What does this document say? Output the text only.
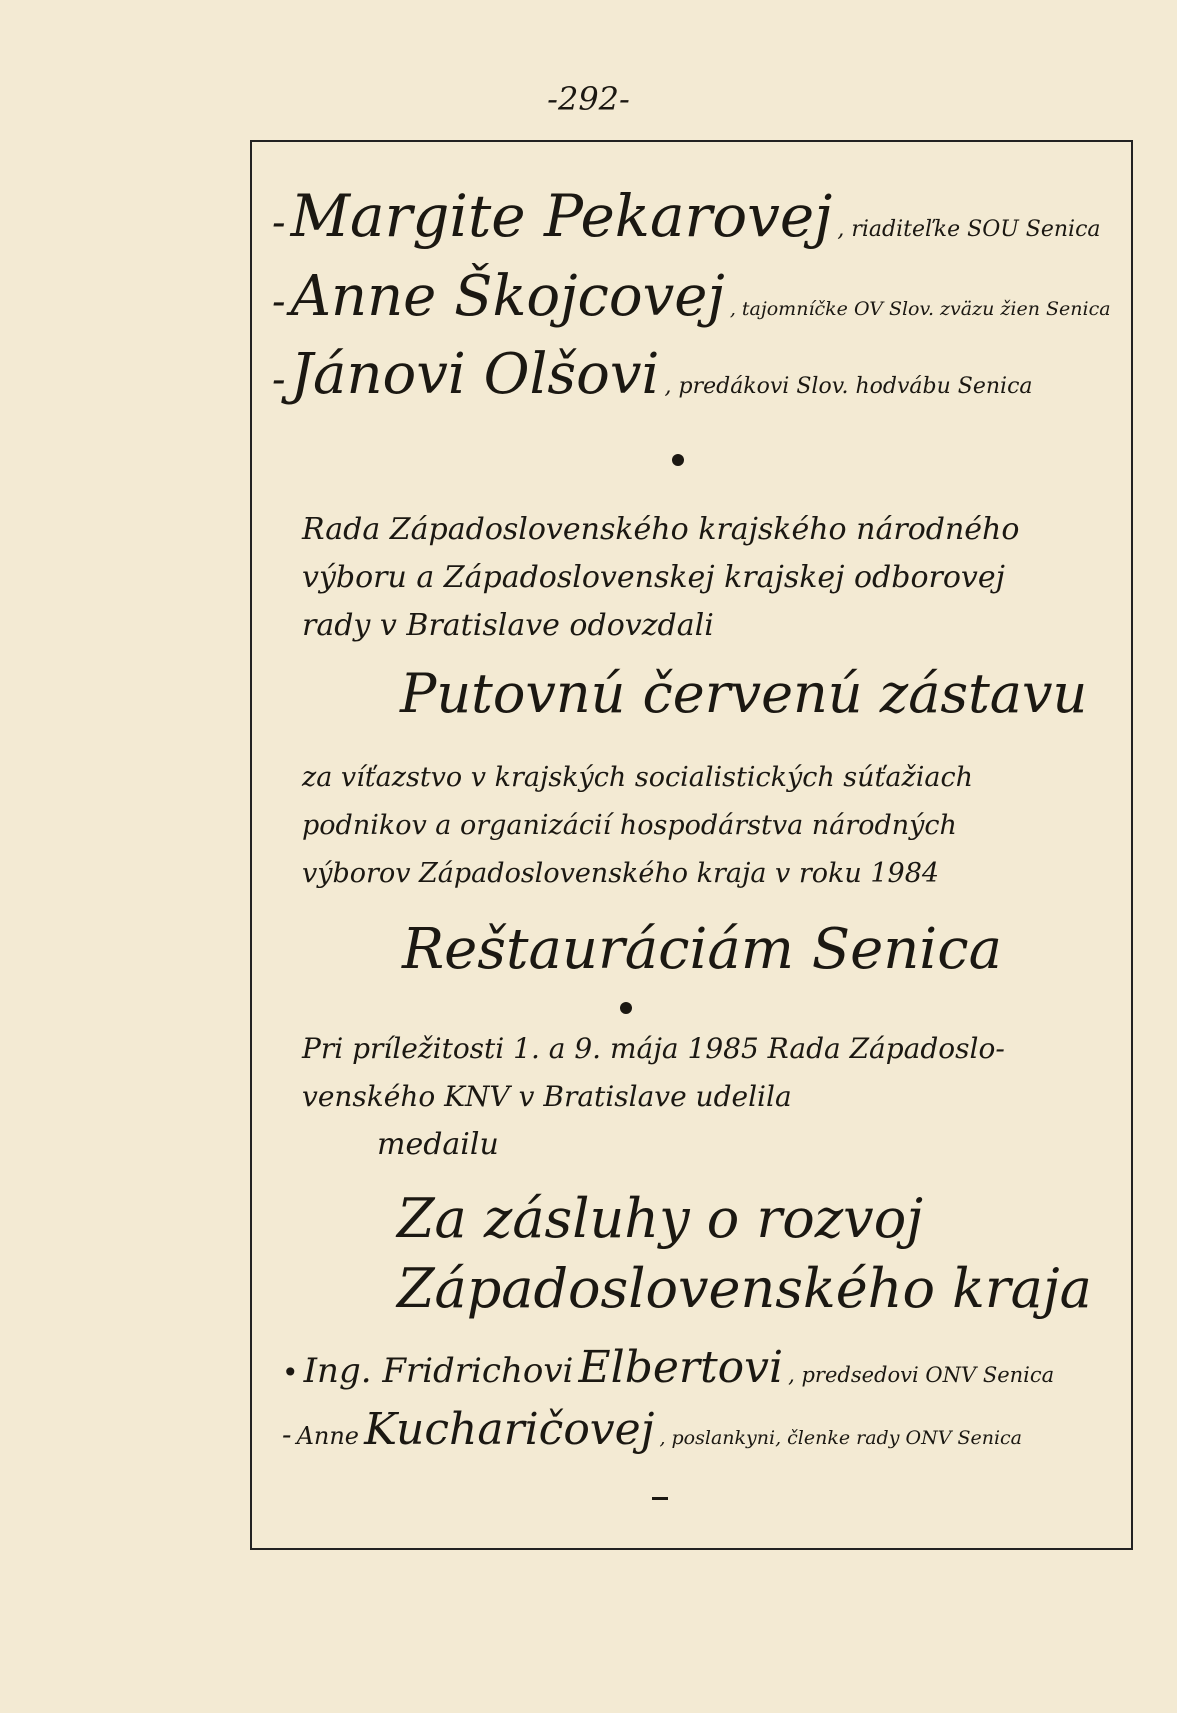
-292-
- Margite Pekarovej , riaditeľke SOU Senica
- Anne Škojcovej , tajomníčke OV Slov. zväzu žien Senica
- Jánovi Olšovi , predákovi Slov. hodvábu Senica
Rada Západoslovenského krajského národného
výboru a Západoslovenskej krajskej odborovej
rady v Bratislave odovzdali
Putovnú červenú zástavu
za víťazstvo v krajských socialistických súťažiach
podnikov a organizácií hospodárstva národných
výborov Západoslovenského kraja v roku 1984
Reštauráciám Senica
Pri príležitosti 1. a 9. mája 1985 Rada Západoslo-
venského KNV v Bratislave udelila
medailu
Za zásluhy o rozvoj
Západoslovenského kraja
• Ing. Fridrichovi Elbertovi , predsedovi ONV Senica
- Anne Kucharičovej , poslankyni, členke rady ONV Senica
